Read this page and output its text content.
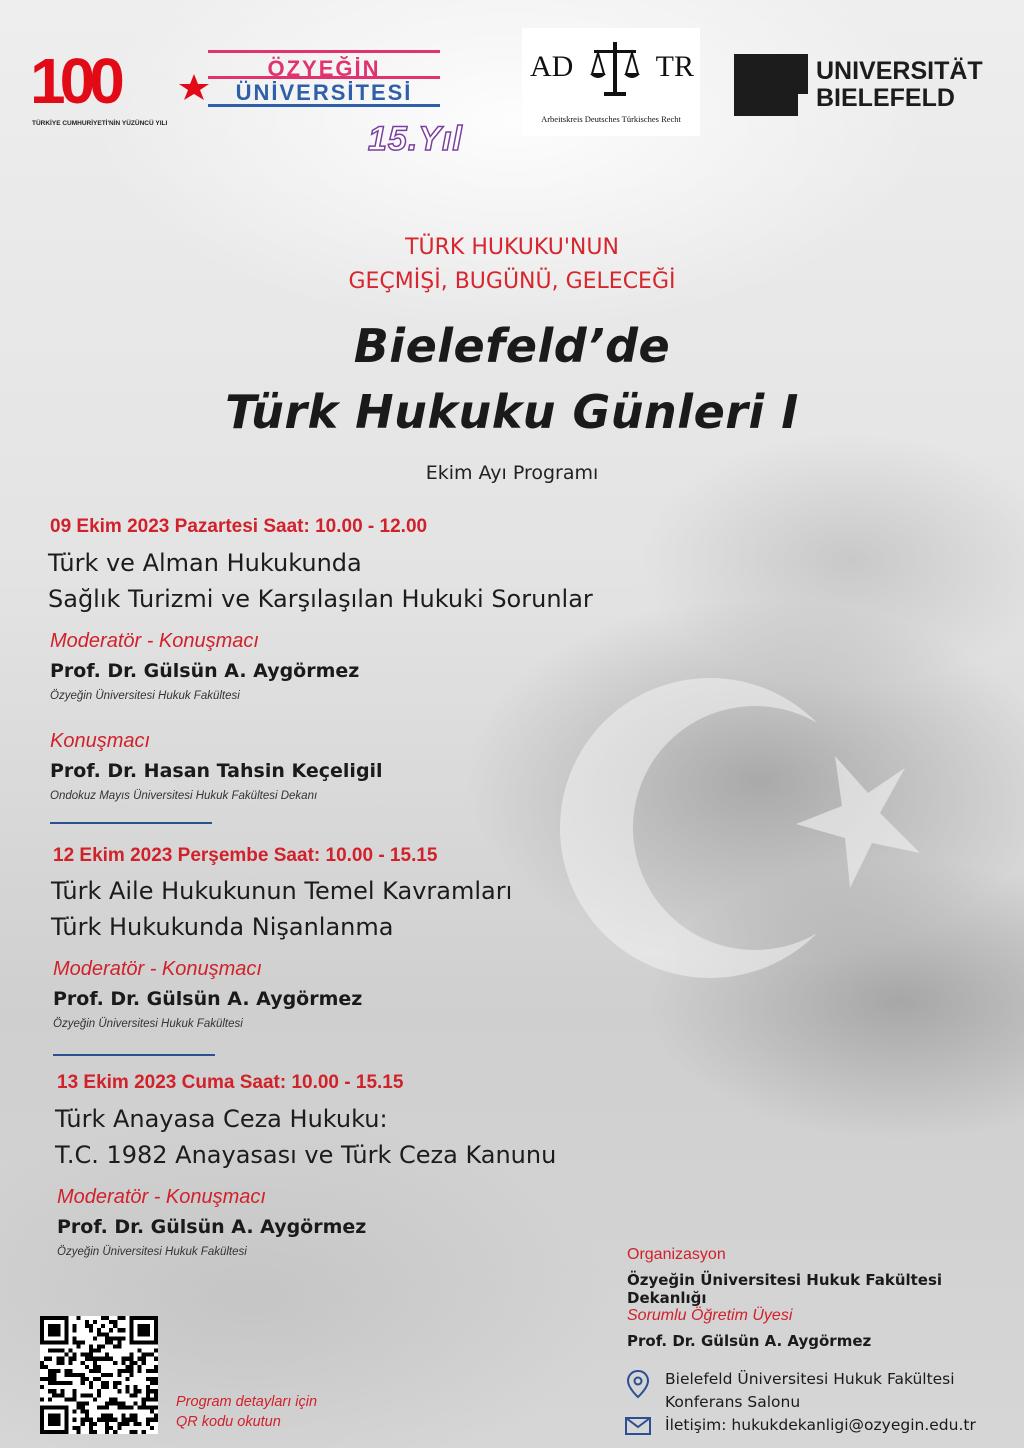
100
TÜRKİYE CUMHURİYETİ'NİN YÜZÜNCÜ YILI
ÖZYEĞİN
ÜNİVERSİTESİ
15.Yıl
AD	TR
Arbeitskreis Deutsches Türkisches Recht
UNIVERSITÄT
BIELEFELD
TÜRK HUKUKU'NUN
GEÇMİŞİ, BUGÜNÜ, GELECEĞİ
Bielefeld’de
Türk Hukuku Günleri I
Ekim Ayı Programı
09 Ekim 2023 Pazartesi Saat: 10.00 - 12.00
Türk ve Alman Hukukunda
Sağlık Turizmi ve Karşılaşılan Hukuki Sorunlar
Moderatör - Konuşmacı
Prof. Dr. Gülsün A. Aygörmez
Özyeğin Üniversitesi Hukuk Fakültesi
Konuşmacı
Prof. Dr. Hasan Tahsin Keçeligil
Ondokuz Mayıs Üniversitesi Hukuk Fakültesi Dekanı
12 Ekim 2023 Perşembe Saat: 10.00 - 15.15
Türk Aile Hukukunun Temel Kavramları
Türk Hukukunda Nişanlanma
Moderatör - Konuşmacı
Prof. Dr. Gülsün A. Aygörmez
Özyeğin Üniversitesi Hukuk Fakültesi
13 Ekim 2023 Cuma Saat: 10.00 - 15.15
Türk Anayasa Ceza Hukuku:
T.C. 1982 Anayasası ve Türk Ceza Kanunu
Moderatör - Konuşmacı
Prof. Dr. Gülsün A. Aygörmez
Özyeğin Üniversitesi Hukuk Fakültesi	Organizasyon
Özyeğin Üniversitesi Hukuk Fakültesi Dekanlığı
Sorumlu Öğretim Üyesi
Prof. Dr. Gülsün A. Aygörmez
Bielefeld Üniversitesi Hukuk Fakültesi
Konferans Salonu
İletişim: hukukdekanligi@ozyegin.edu.tr
Program detayları için
QR kodu okutun
